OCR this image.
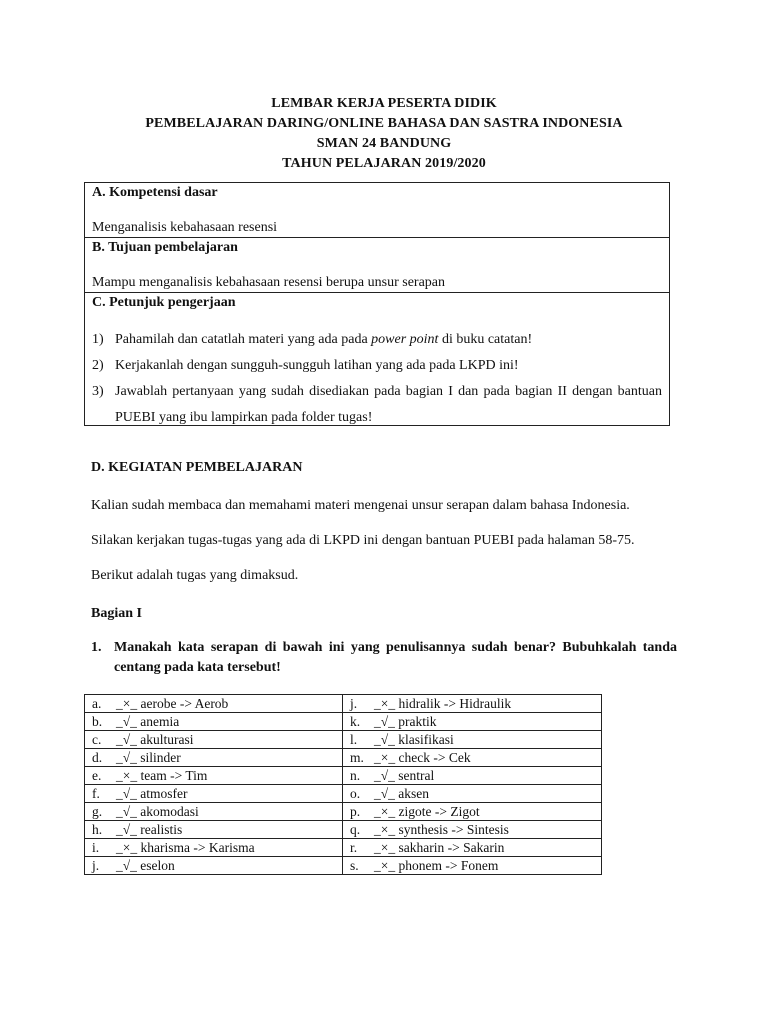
LEMBAR KERJA PESERTA DIDIK
PEMBELAJARAN DARING/ONLINE BAHASA DAN SASTRA INDONESIA
SMAN 24 BANDUNG
TAHUN PELAJARAN 2019/2020
A. Kompetensi dasar
Menganalisis kebahasaan resensi
B. Tujuan pembelajaran
Mampu menganalisis kebahasaan resensi berupa unsur serapan
C. Petunjuk pengerjaan
1) Pahamilah dan catatlah materi yang ada pada power point di buku catatan!
2) Kerjakanlah dengan sungguh-sungguh latihan yang ada pada LKPD ini!
3) Jawablah pertanyaan yang sudah disediakan pada bagian I dan pada bagian II dengan bantuan PUEBI yang ibu lampirkan pada folder tugas!
D. KEGIATAN PEMBELAJARAN
Kalian sudah membaca dan memahami materi mengenai unsur serapan dalam bahasa Indonesia.
Silakan kerjakan tugas-tugas yang ada di LKPD ini dengan bantuan PUEBI pada halaman 58-75.
Berikut adalah tugas yang dimaksud.
Bagian I
1. Manakah kata serapan di bawah ini yang penulisannya sudah benar? Bubuhkalah tanda centang pada kata tersebut!
a. _×_ aerobe -> Aerob	j. _×_ hidralik -> Hidraulik
b. _√_ anemia	k. _√_ praktik
c. _√_ akulturasi	l. _√_ klasifikasi
d. _√_ silinder	m. _×_ check -> Cek
e. _×_ team -> Tim	n. _√_ sentral
f. _√_ atmosfer	o. _√_ aksen
g. _√_ akomodasi	p. _×_ zigote -> Zigot
h. _√_ realistis	q. _×_ synthesis -> Sintesis
i. _×_ kharisma -> Karisma	r. _×_ sakharin -> Sakarin
j. _√_ eselon	s. _×_ phonem -> Fonem
